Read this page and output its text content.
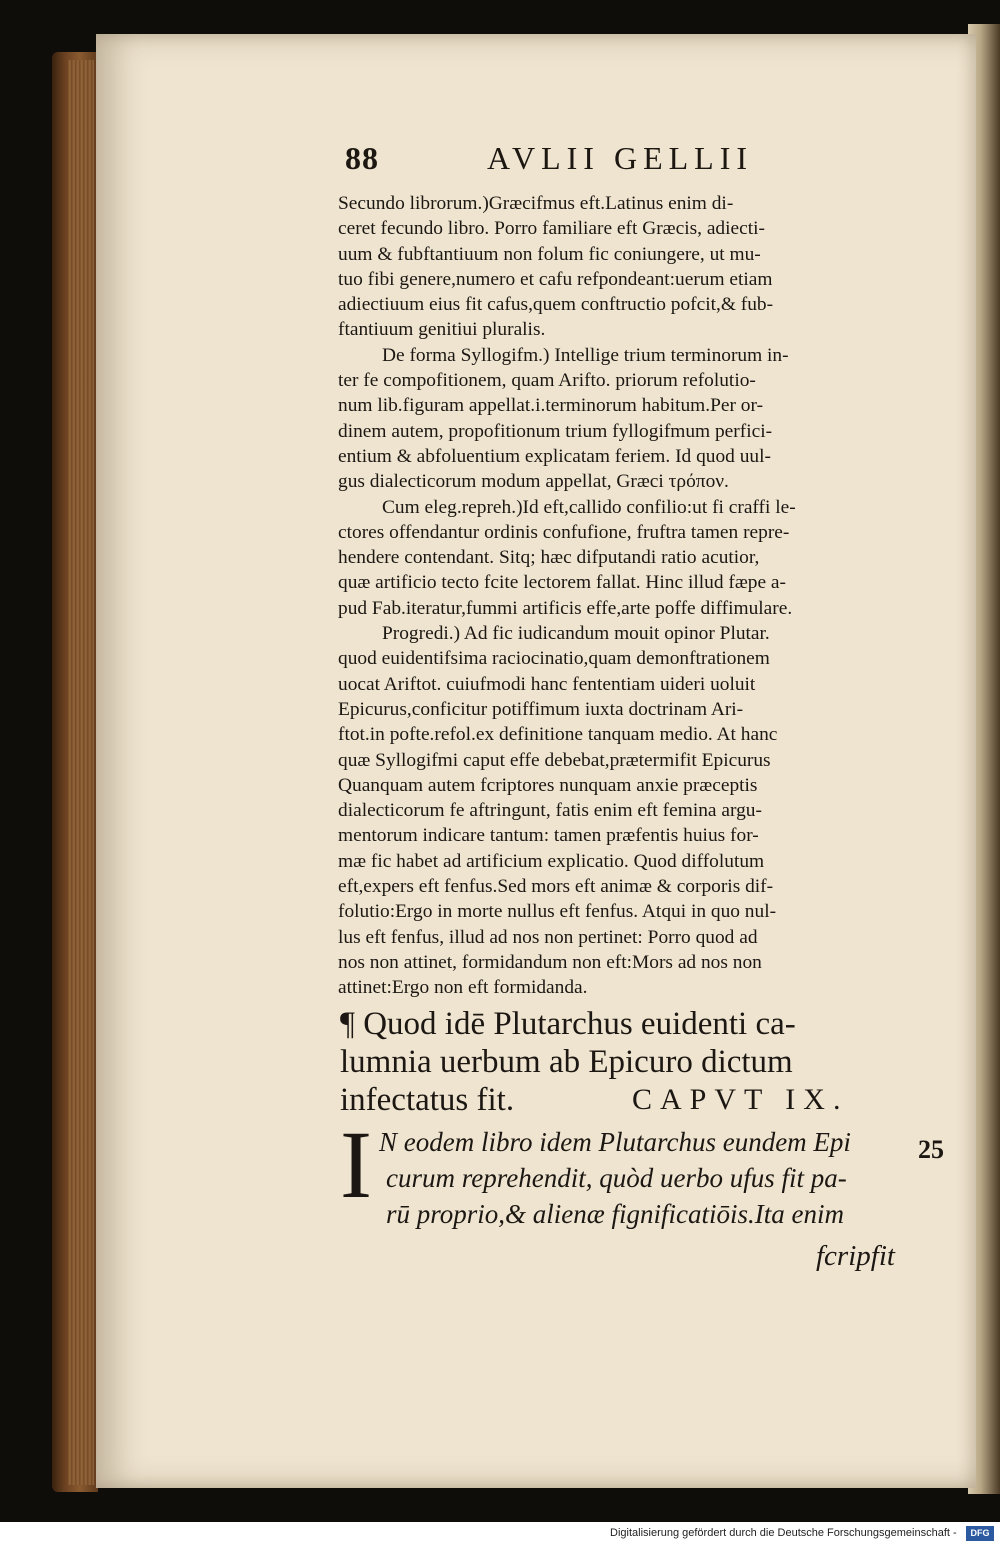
88	AVLII GELLII
Secundo librorum.)Græcifmus eft.Latinus enim di-
ceret fecundo libro. Porro familiare eft Græcis, adiecti-
uum & fubftantiuum non folum fic coniungere, ut mu-
tuo fibi genere,numero et cafu refpondeant:uerum etiam
adiectiuum eius fit cafus,quem conftructio pofcit,& fub-
ftantiuum genitiui pluralis.
De forma Syllogifm.) Intellige trium terminorum in-
ter fe compofitionem, quam Arifto. priorum refolutio-
num lib.figuram appellat.i.terminorum habitum.Per or-
dinem autem, propofitionum trium fyllogifmum perfici-
entium & abfoluentium explicatam feriem. Id quod uul-
gus dialecticorum modum appellat, Græci τρόπον.
Cum eleg.repreh.)Id eft,callido confilio:ut fi craffi le-
ctores offendantur ordinis confufione, fruftra tamen repre-
hendere contendant. Sitq; hæc difputandi ratio acutior,
quæ artificio tecto fcite lectorem fallat. Hinc illud fæpe a-
pud Fab.iteratur,fummi artificis effe,arte poffe diffimulare.
Progredi.) Ad fic iudicandum mouit opinor Plutar.
quod euidentifsima raciocinatio,quam demonftrationem
uocat Ariftot. cuiufmodi hanc fententiam uideri uoluit
Epicurus,conficitur potiffimum iuxta doctrinam Ari-
ftot.in pofte.refol.ex definitione tanquam medio. At hanc
quæ Syllogifmi caput effe debebat,prætermifit Epicurus
Quanquam autem fcriptores nunquam anxie præceptis
dialecticorum fe aftringunt, fatis enim eft femina argu-
mentorum indicare tantum: tamen præfentis huius for-
mæ fic habet ad artificium explicatio. Quod diffolutum
eft,expers eft fenfus.Sed mors eft animæ & corporis dif-
folutio:Ergo in morte nullus eft fenfus. Atqui in quo nul-
lus eft fenfus, illud ad nos non pertinet: Porro quod ad
nos non attinet, formidandum non eft:Mors ad nos non
attinet:Ergo non eft formidanda.
¶ Quod idē Plutarchus euidenti ca-
lumnia uerbum ab Epicuro dictum
infectatus fit.	CAPVT IX.
I N eodem libro idem Plutarchus eundem Epi
curum reprehendit, quòd uerbo ufus fit pa-
rū proprio,& alienæ fignificatiōis.Ita enim
fcripfit
25
Digitalisierung gefördert durch die Deutsche Forschungsgemeinschaft -	DFG
